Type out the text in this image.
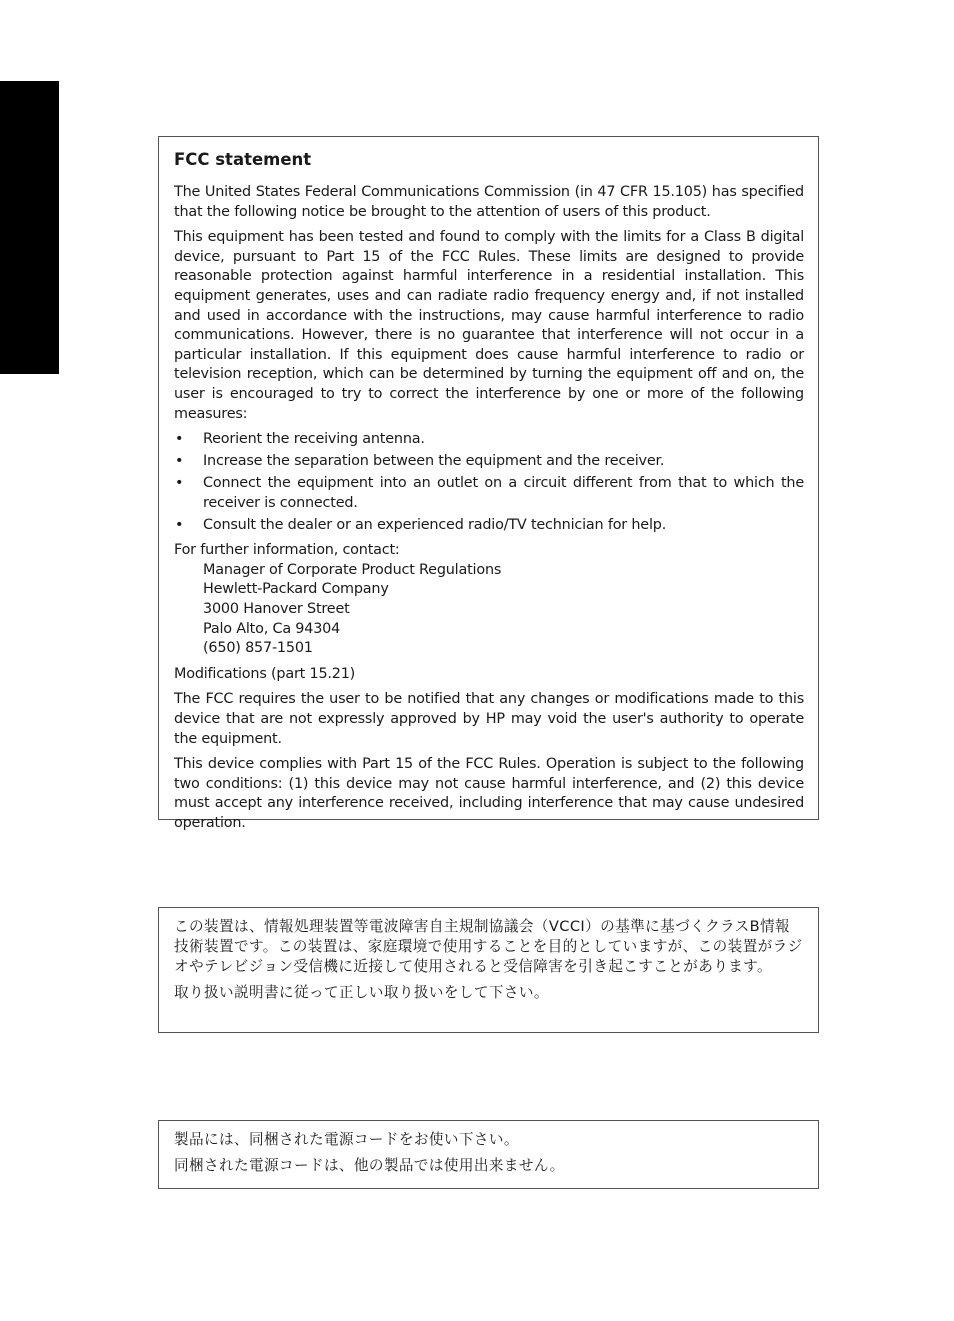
FCC statement

The United States Federal Communications Commission (in 47 CFR 15.105) has specified that the following notice be brought to the attention of users of this product.

This equipment has been tested and found to comply with the limits for a Class B digital device, pursuant to Part 15 of the FCC Rules. These limits are designed to provide reasonable protection against harmful interference in a residential installation. This equipment generates, uses and can radiate radio frequency energy and, if not installed and used in accordance with the instructions, may cause harmful interference to radio communications. However, there is no guarantee that interference will not occur in a particular installation. If this equipment does cause harmful interference to radio or television reception, which can be determined by turning the equipment off and on, the user is encouraged to try to correct the interference by one or more of the following measures:

• Reorient the receiving antenna.
• Increase the separation between the equipment and the receiver.
• Connect the equipment into an outlet on a circuit different from that to which the receiver is connected.
• Consult the dealer or an experienced radio/TV technician for help.
For further information, contact:
Manager of Corporate Product Regulations
Hewlett-Packard Company
3000 Hanover Street
Palo Alto, Ca 94304
(650) 857-1501

Modifications (part 15.21)

The FCC requires the user to be notified that any changes or modifications made to this device that are not expressly approved by HP may void the user's authority to operate the equipment.

This device complies with Part 15 of the FCC Rules. Operation is subject to the following two conditions: (1) this device may not cause harmful interference, and (2) this device must accept any interference received, including interference that may cause undesired operation.

この装置は、情報処理装置等電波障害自主規制協議会（VCCI）の基準に基づくクラスB情報技術装置です。この装置は、家庭環境で使用することを目的としていますが、この装置がラジオやテレビジョン受信機に近接して使用されると受信障害を引き起こすことがあります。

取り扱い説明書に従って正しい取り扱いをして下さい。

製品には、同梱された電源コードをお使い下さい。

同梱された電源コードは、他の製品では使用出来ません。
